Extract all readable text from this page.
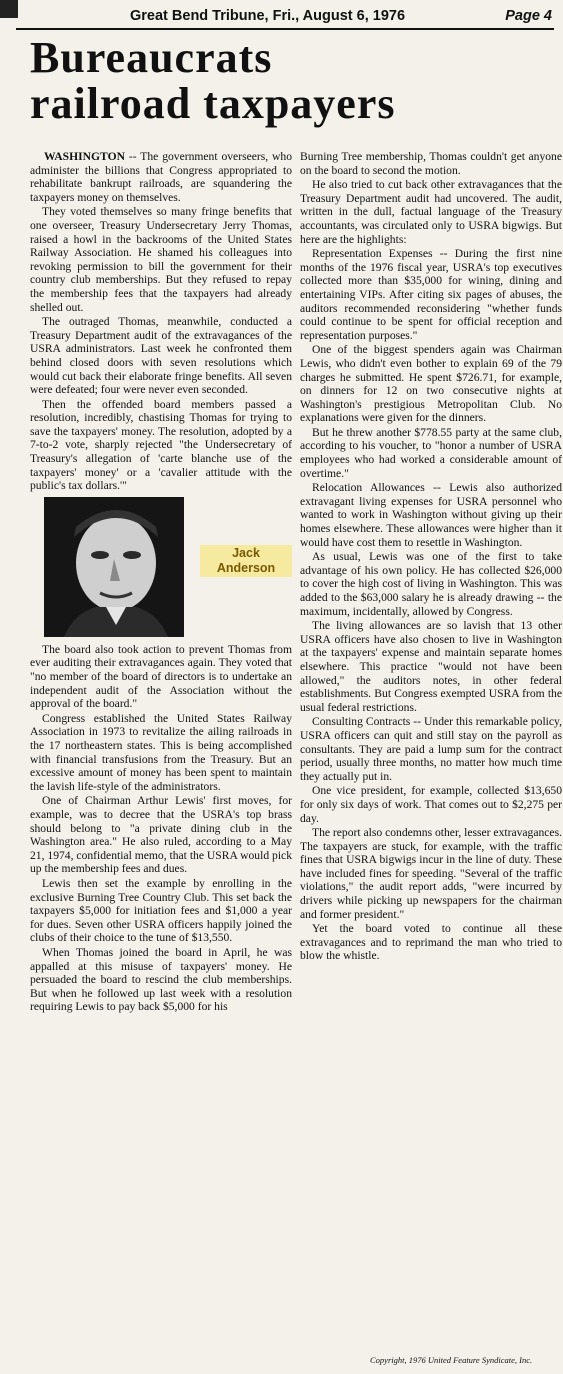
Great Bend Tribune, Fri., August 6, 1976	Page 4
Bureaucrats
railroad taxpayers

WASHINGTON -- The government overseers, who administer the billions that Congress appropriated to rehabilitate bankrupt railroads, are squandering the taxpayers money on themselves.

They voted themselves so many fringe benefits that one overseer, Treasury Undersecretary Jerry Thomas, raised a howl in the backrooms of the United States Railway Association. He shamed his colleagues into revoking permission to bill the government for their country club memberships. But they refused to repay the membership fees that the taxpayers had already shelled out.

The outraged Thomas, meanwhile, conducted a Treasury Department audit of the extravagances of the USRA administrators. Last week he confronted them behind closed doors with seven resolutions which would cut back their elaborate fringe benefits. All seven were defeated; four were never even seconded.

Then the offended board members passed a resolution, incredibly, chastising Thomas for trying to save the taxpayers' money. The resolution, adopted by a 7-to-2 vote, sharply rejected "the Undersecretary of Treasury's allegation of 'carte blanche use of the taxpayers' money' or a 'cavalier attitude with the public's tax dollars.'"

Jack
Anderson

The board also took action to prevent Thomas from ever auditing their extravagances again. They voted that "no member of the board of directors is to undertake an independent audit of the Association without the approval of the board."

Congress established the United States Railway Association in 1973 to revitalize the ailing railroads in the 17 northeastern states. This is being accomplished with financial transfusions from the Treasury. But an excessive amount of money has been spent to maintain the lavish life-style of the administrators.

One of Chairman Arthur Lewis' first moves, for example, was to decree that the USRA's top brass should belong to "a private dining club in the Washington area." He also ruled, according to a May 21, 1974, confidential memo, that the USRA would pick up the membership fees and dues.

Lewis then set the example by enrolling in the exclusive Burning Tree Country Club. This set back the taxpayers $5,000 for initiation fees and $1,000 a year for dues. Seven other USRA officers happily joined the clubs of their choice to the tune of $13,550.

When Thomas joined the board in April, he was appalled at this misuse of taxpayers' money. He persuaded the board to rescind the club memberships. But when he followed up last week with a resolution requiring Lewis to pay back $5,000 for his

Burning Tree membership, Thomas couldn't get anyone on the board to second the motion.

He also tried to cut back other extravagances that the Treasury Department audit had uncovered. The audit, written in the dull, factual language of the Treasury accountants, was circulated only to USRA bigwigs. But here are the highlights:

Representation Expenses -- During the first nine months of the 1976 fiscal year, USRA's top executives collected more than $35,000 for wining, dining and entertaining VIPs. After citing six pages of abuses, the auditors recommended reconsidering "whether funds could continue to be spent for official reception and representation purposes."

One of the biggest spenders again was Chairman Lewis, who didn't even bother to explain 69 of the 79 charges he submitted. He spent $726.71, for example, on dinners for 12 on two consecutive nights at Washington's prestigious Metropolitan Club. No explanations were given for the dinners.

But he threw another $778.55 party at the same club, according to his voucher, to "honor a number of USRA employees who had worked a considerable amount of overtime."

Relocation Allowances -- Lewis also authorized extravagant living expenses for USRA personnel who wanted to work in Washington without giving up their homes elsewhere. These allowances were higher than it would have cost them to resettle in Washington.

As usual, Lewis was one of the first to take advantage of his own policy. He has collected $26,000 to cover the high cost of living in Washington. This was added to the $63,000 salary he is already drawing -- the maximum, incidentally, allowed by Congress.

The living allowances are so lavish that 13 other USRA officers have also chosen to live in Washington at the taxpayers' expense and maintain separate homes elsewhere. This practice "would not have been allowed," the auditors notes, in other federal establishments. But Congress exempted USRA from the usual federal restrictions.

Consulting Contracts -- Under this remarkable policy, USRA officers can quit and still stay on the payroll as consultants. They are paid a lump sum for the contract period, usually three months, no matter how much time they actually put in.

One vice president, for example, collected $13,650 for only six days of work. That comes out to $2,275 per day.

The report also condemns other, lesser extravagances. The taxpayers are stuck, for example, with the traffic fines that USRA bigwigs incur in the line of duty. These have included fines for speeding. "Several of the traffic violations," the audit report adds, "were incurred by drivers while picking up newspapers for the chairman and former president."

Yet the board voted to continue all these extravagances and to reprimand the man who tried to blow the whistle.

Copyright, 1976 United Feature Syndicate, Inc.
